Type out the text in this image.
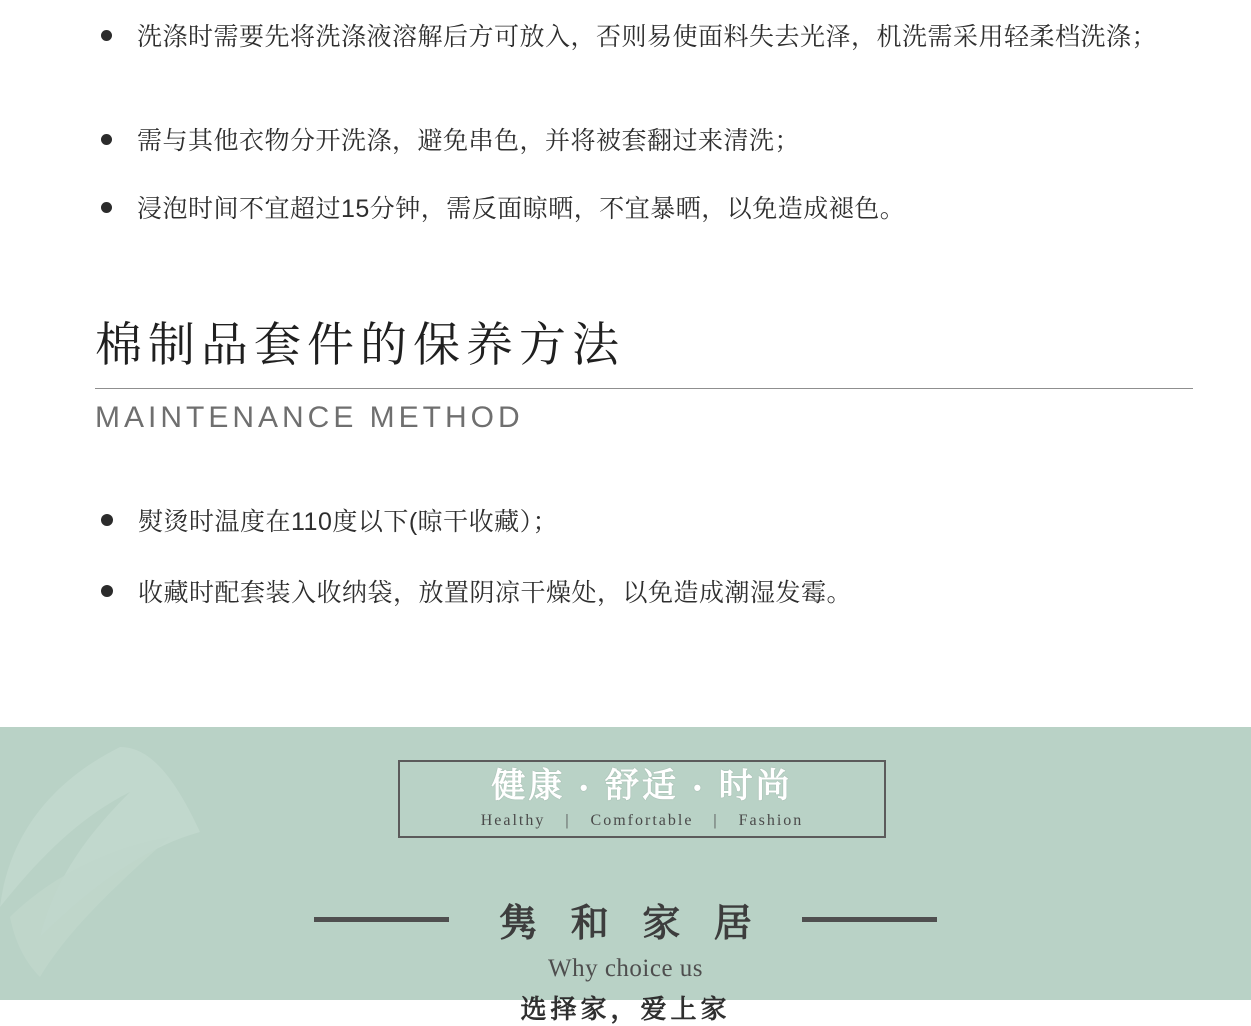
洗涤时需要先将洗涤液溶解后方可放入，否则易使面料失去光泽，机洗需采用轻柔档洗涤；
需与其他衣物分开洗涤，避免串色，并将被套翻过来清洗；
浸泡时间不宜超过15分钟，需反面晾晒，不宜暴晒，以免造成褪色。
棉制品套件的保养方法
MAINTENANCE METHOD
熨烫时温度在110度以下(晾干收藏）；
收藏时配套装入收纳袋，放置阴凉干燥处，以免造成潮湿发霉。
健康 • 舒适 • 时尚
Healthy | Comfortable | Fashion
隽 和 家 居
Why choice us
选择家，爱上家
